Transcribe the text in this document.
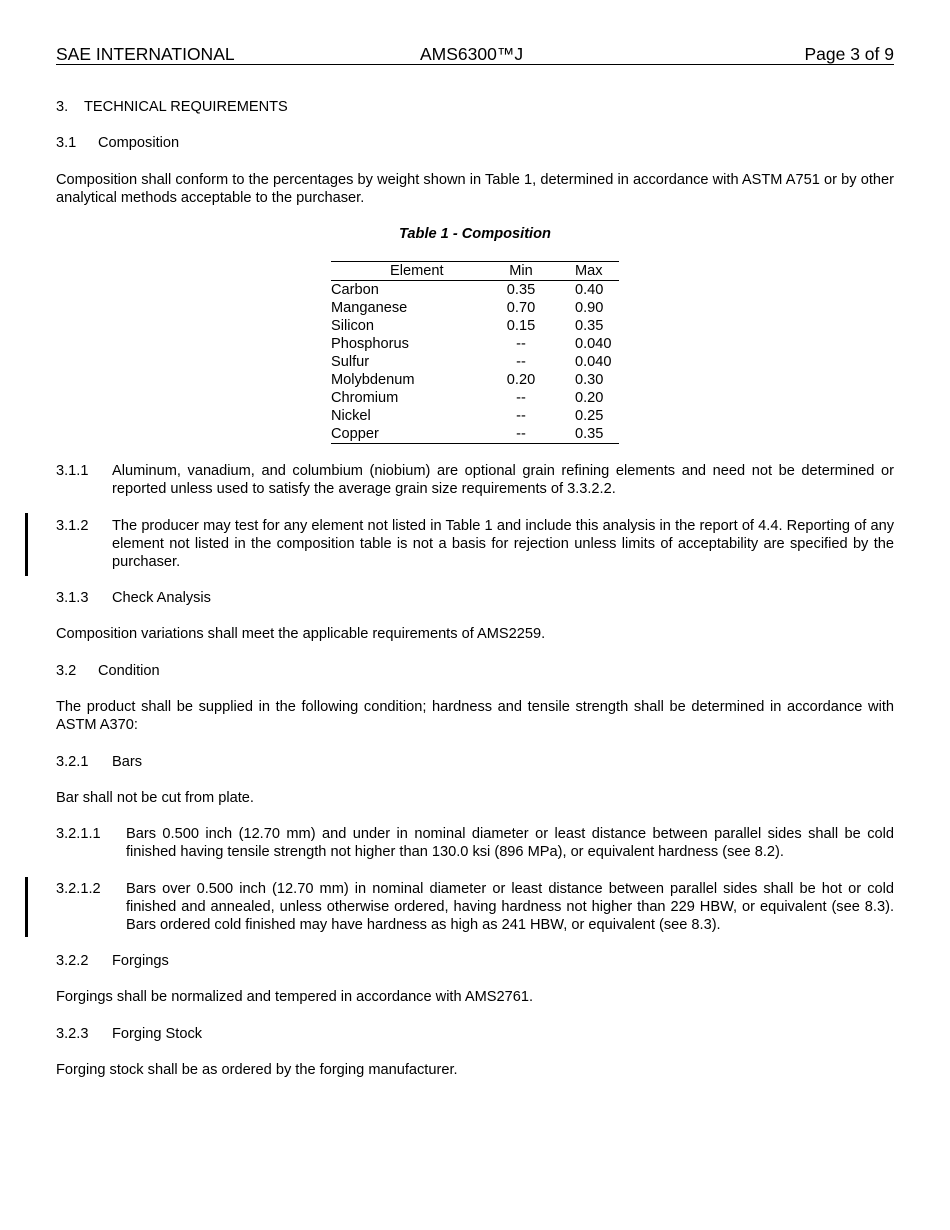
SAE INTERNATIONAL	AMS6300™J	Page 3 of 9
3. TECHNICAL REQUIREMENTS
3.1 Composition
Composition shall conform to the percentages by weight shown in Table 1, determined in accordance with ASTM A751 or by other analytical methods acceptable to the purchaser.
Table 1 - Composition
Element	Min	Max
Carbon	0.35	0.40
Manganese	0.70	0.90
Silicon	0.15	0.35
Phosphorus	--	0.040
Sulfur	--	0.040
Molybdenum	0.20	0.30
Chromium	--	0.20
Nickel	--	0.25
Copper	--	0.35
3.1.1 Aluminum, vanadium, and columbium (niobium) are optional grain refining elements and need not be determined or reported unless used to satisfy the average grain size requirements of 3.3.2.2.
3.1.2 The producer may test for any element not listed in Table 1 and include this analysis in the report of 4.4. Reporting of any element not listed in the composition table is not a basis for rejection unless limits of acceptability are specified by the purchaser.
3.1.3 Check Analysis
Composition variations shall meet the applicable requirements of AMS2259.
3.2 Condition
The product shall be supplied in the following condition; hardness and tensile strength shall be determined in accordance with ASTM A370:
3.2.1 Bars
Bar shall not be cut from plate.
3.2.1.1 Bars 0.500 inch (12.70 mm) and under in nominal diameter or least distance between parallel sides shall be cold finished having tensile strength not higher than 130.0 ksi (896 MPa), or equivalent hardness (see 8.2).
3.2.1.2 Bars over 0.500 inch (12.70 mm) in nominal diameter or least distance between parallel sides shall be hot or cold finished and annealed, unless otherwise ordered, having hardness not higher than 229 HBW, or equivalent (see 8.3). Bars ordered cold finished may have hardness as high as 241 HBW, or equivalent (see 8.3).
3.2.2 Forgings
Forgings shall be normalized and tempered in accordance with AMS2761.
3.2.3 Forging Stock
Forging stock shall be as ordered by the forging manufacturer.
